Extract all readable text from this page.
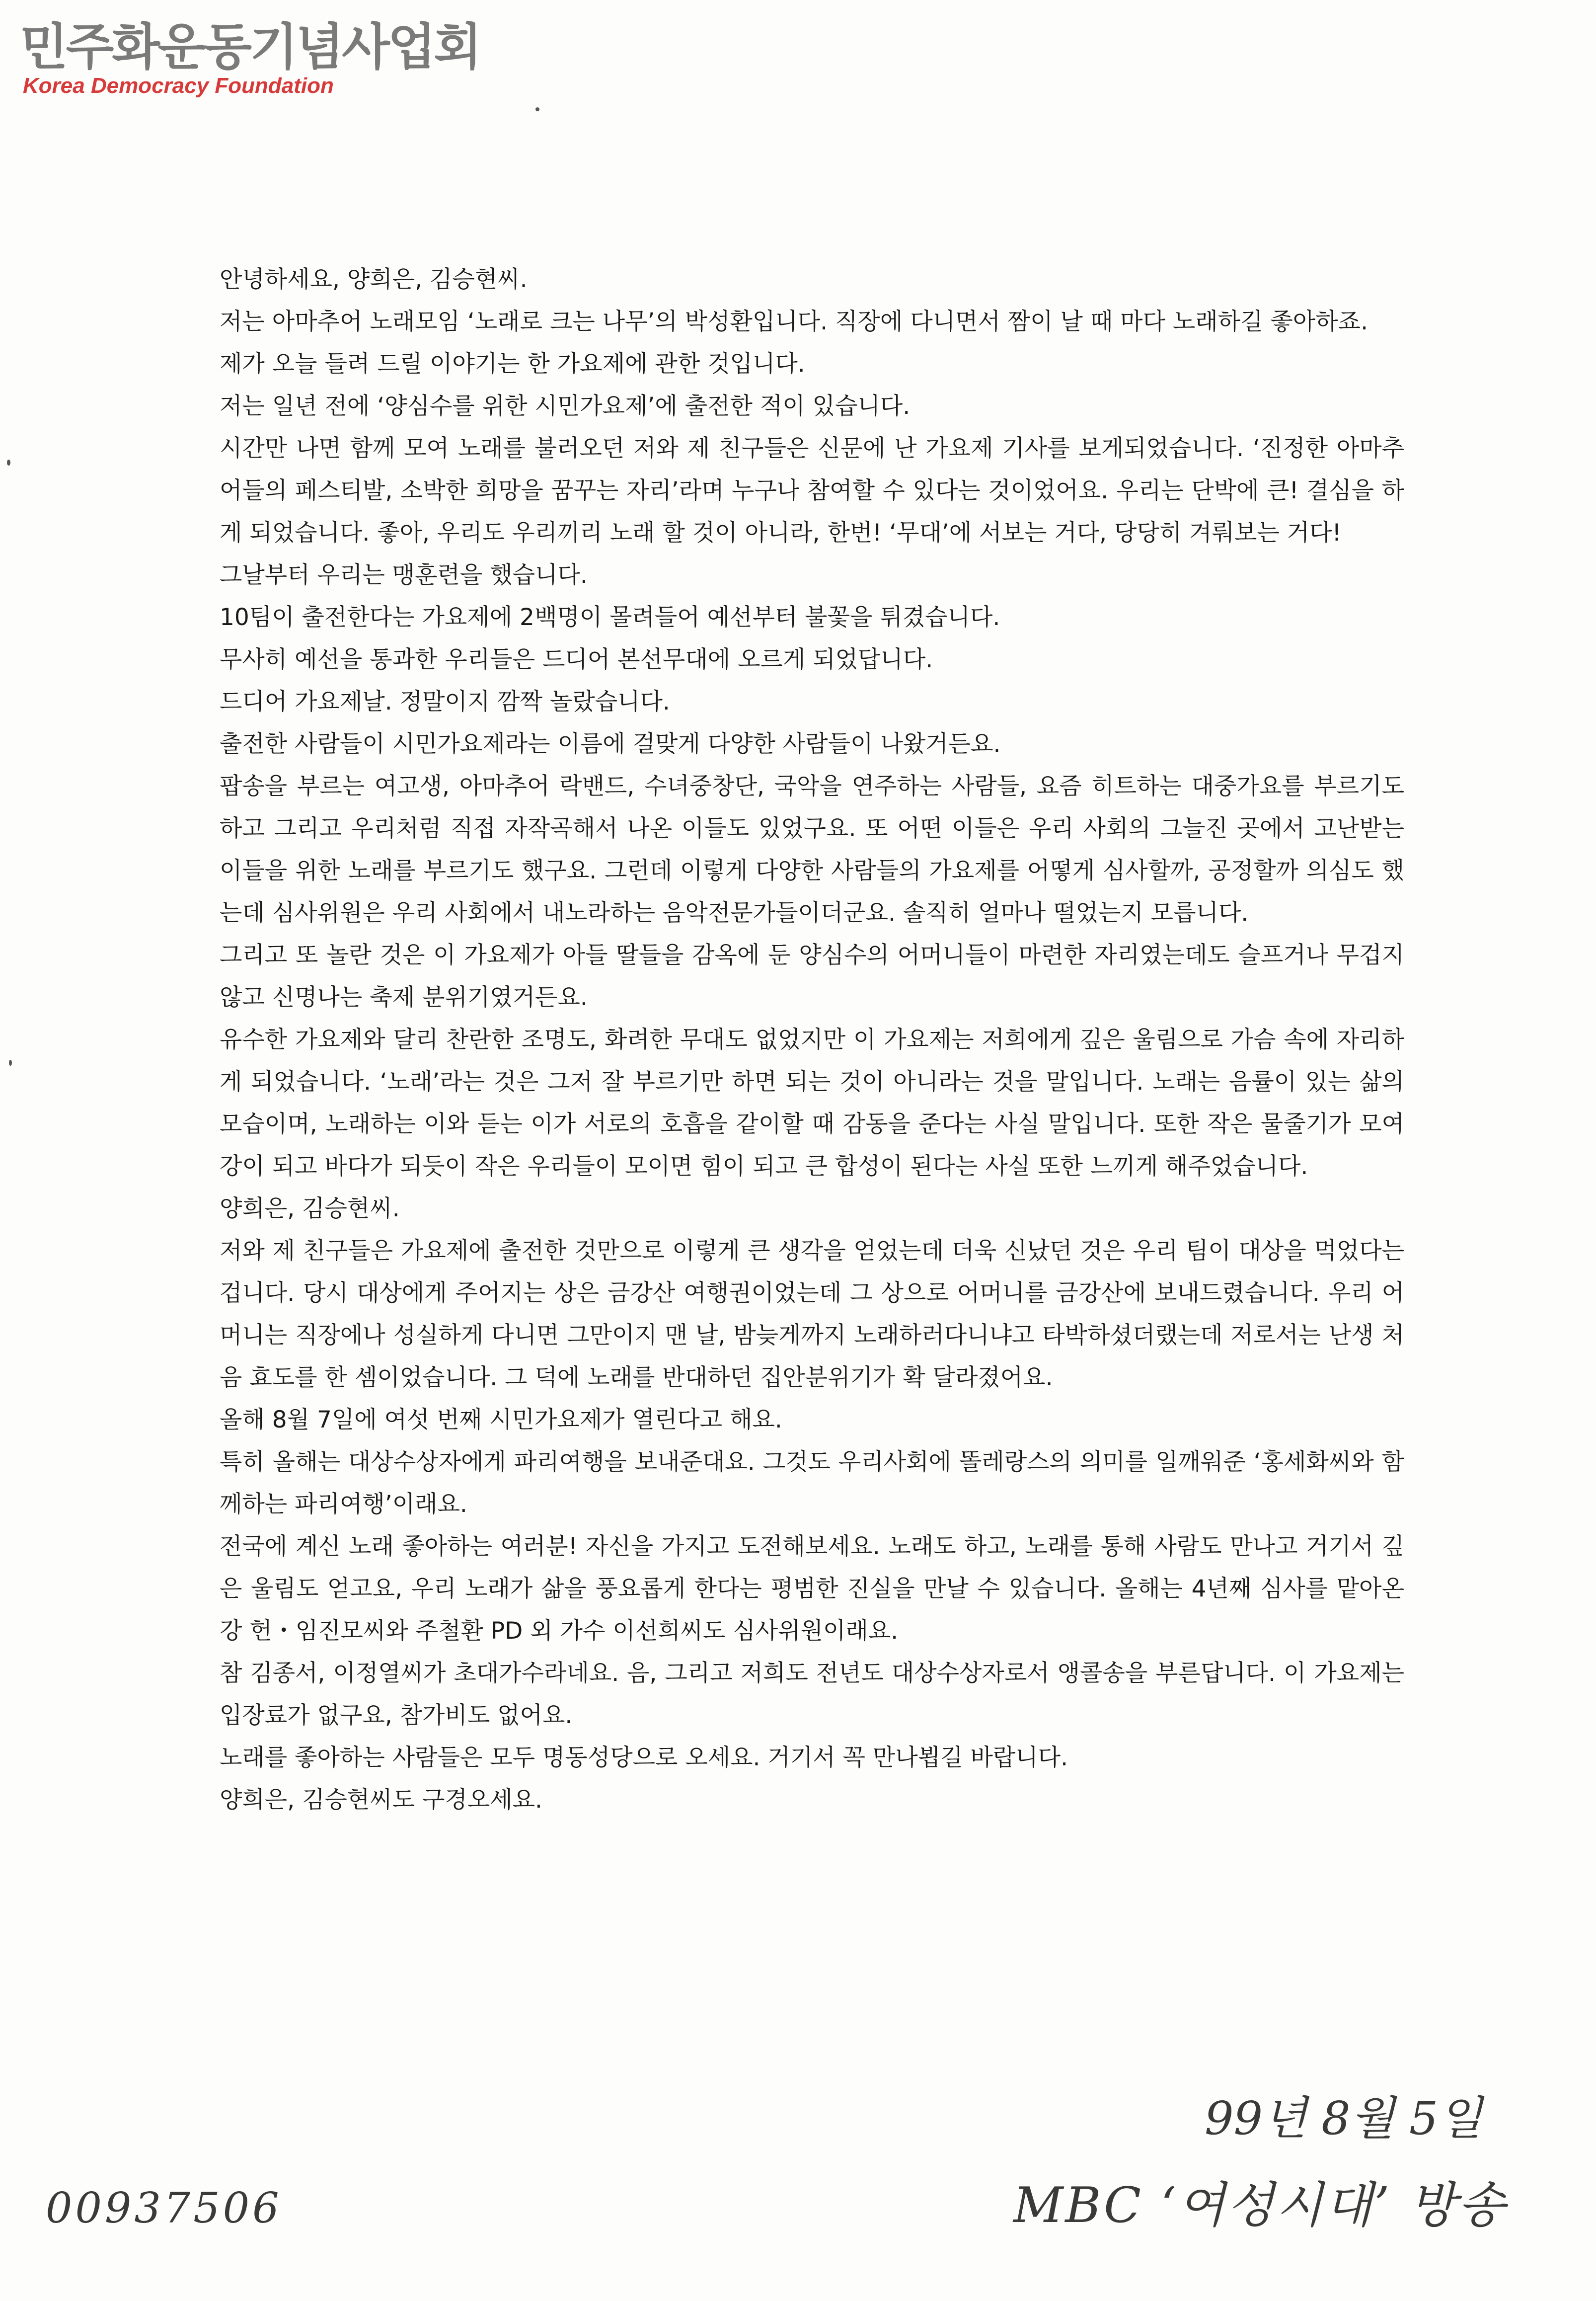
민주화운동기념사업회
Korea Democracy Foundation

안녕하세요, 양희은, 김승현씨.

저는 아마추어 노래모임 ‘노래로 크는 나무’의 박성환입니다. 직장에 다니면서 짬이 날 때 마다 노래하길 좋아하죠.

제가 오늘 들려 드릴 이야기는 한 가요제에 관한 것입니다.

저는 일년 전에 ‘양심수를 위한 시민가요제’에 출전한 적이 있습니다.

시간만 나면 함께 모여 노래를 불러오던 저와 제 친구들은 신문에 난 가요제 기사를 보게되었습니다. ‘진정한 아마추어들의 페스티발, 소박한 희망을 꿈꾸는 자리’라며 누구나 참여할 수 있다는 것이었어요. 우리는 단박에 큰! 결심을 하게 되었습니다. 좋아, 우리도 우리끼리 노래 할 것이 아니라, 한번! ‘무대’에 서보는 거다, 당당히 겨뤄보는 거다!

그날부터 우리는 맹훈련을 했습니다.

10팀이 출전한다는 가요제에 2백명이 몰려들어 예선부터 불꽃을 튀겼습니다.

무사히 예선을 통과한 우리들은 드디어 본선무대에 오르게 되었답니다.

드디어 가요제날. 정말이지 깜짝 놀랐습니다.

출전한 사람들이 시민가요제라는 이름에 걸맞게 다양한 사람들이 나왔거든요.

팝송을 부르는 여고생, 아마추어 락밴드, 수녀중창단, 국악을 연주하는 사람들, 요즘 히트하는 대중가요를 부르기도 하고 그리고 우리처럼 직접 자작곡해서 나온 이들도 있었구요. 또 어떤 이들은 우리 사회의 그늘진 곳에서 고난받는 이들을 위한 노래를 부르기도 했구요. 그런데 이렇게 다양한 사람들의 가요제를 어떻게 심사할까, 공정할까 의심도 했는데 심사위원은 우리 사회에서 내노라하는 음악전문가들이더군요. 솔직히 얼마나 떨었는지 모릅니다.

그리고 또 놀란 것은 이 가요제가 아들 딸들을 감옥에 둔 양심수의 어머니들이 마련한 자리였는데도 슬프거나 무겁지 않고 신명나는 축제 분위기였거든요.

유수한 가요제와 달리 찬란한 조명도, 화려한 무대도 없었지만 이 가요제는 저희에게 깊은 울림으로 가슴 속에 자리하게 되었습니다. ‘노래’라는 것은 그저 잘 부르기만 하면 되는 것이 아니라는 것을 말입니다. 노래는 음률이 있는 삶의 모습이며, 노래하는 이와 듣는 이가 서로의 호흡을 같이할 때 감동을 준다는 사실 말입니다. 또한 작은 물줄기가 모여 강이 되고 바다가 되듯이 작은 우리들이 모이면 힘이 되고 큰 합성이 된다는 사실 또한 느끼게 해주었습니다.

양희은, 김승현씨.

저와 제 친구들은 가요제에 출전한 것만으로 이렇게 큰 생각을 얻었는데 더욱 신났던 것은 우리 팀이 대상을 먹었다는 겁니다. 당시 대상에게 주어지는 상은 금강산 여행권이었는데 그 상으로 어머니를 금강산에 보내드렸습니다. 우리 어머니는 직장에나 성실하게 다니면 그만이지 맨 날, 밤늦게까지 노래하러다니냐고 타박하셨더랬는데 저로서는 난생 처음 효도를 한 셈이었습니다. 그 덕에 노래를 반대하던 집안분위기가 확 달라졌어요.

올해 8월 7일에 여섯 번째 시민가요제가 열린다고 해요.

특히 올해는 대상수상자에게 파리여행을 보내준대요. 그것도 우리사회에 똘레랑스의 의미를 일깨워준 ‘홍세화씨와 함께하는 파리여행’이래요.

전국에 계신 노래 좋아하는 여러분! 자신을 가지고 도전해보세요. 노래도 하고, 노래를 통해 사람도 만나고 거기서 깊은 울림도 얻고요, 우리 노래가 삶을 풍요롭게 한다는 평범한 진실을 만날 수 있습니다. 올해는 4년째 심사를 맡아온 강 헌・임진모씨와 주철환 PD 외 가수 이선희씨도 심사위원이래요.

참 김종서, 이정열씨가 초대가수라네요. 음, 그리고 저희도 전년도 대상수상자로서 앵콜송을 부른답니다. 이 가요제는 입장료가 없구요, 참가비도 없어요.

노래를 좋아하는 사람들은 모두 명동성당으로 오세요. 거기서 꼭 만나뵙길 바랍니다.

양희은, 김승현씨도 구경오세요.

00937506
99년 8월 5일
MBC ‘여성시대’ 방송
